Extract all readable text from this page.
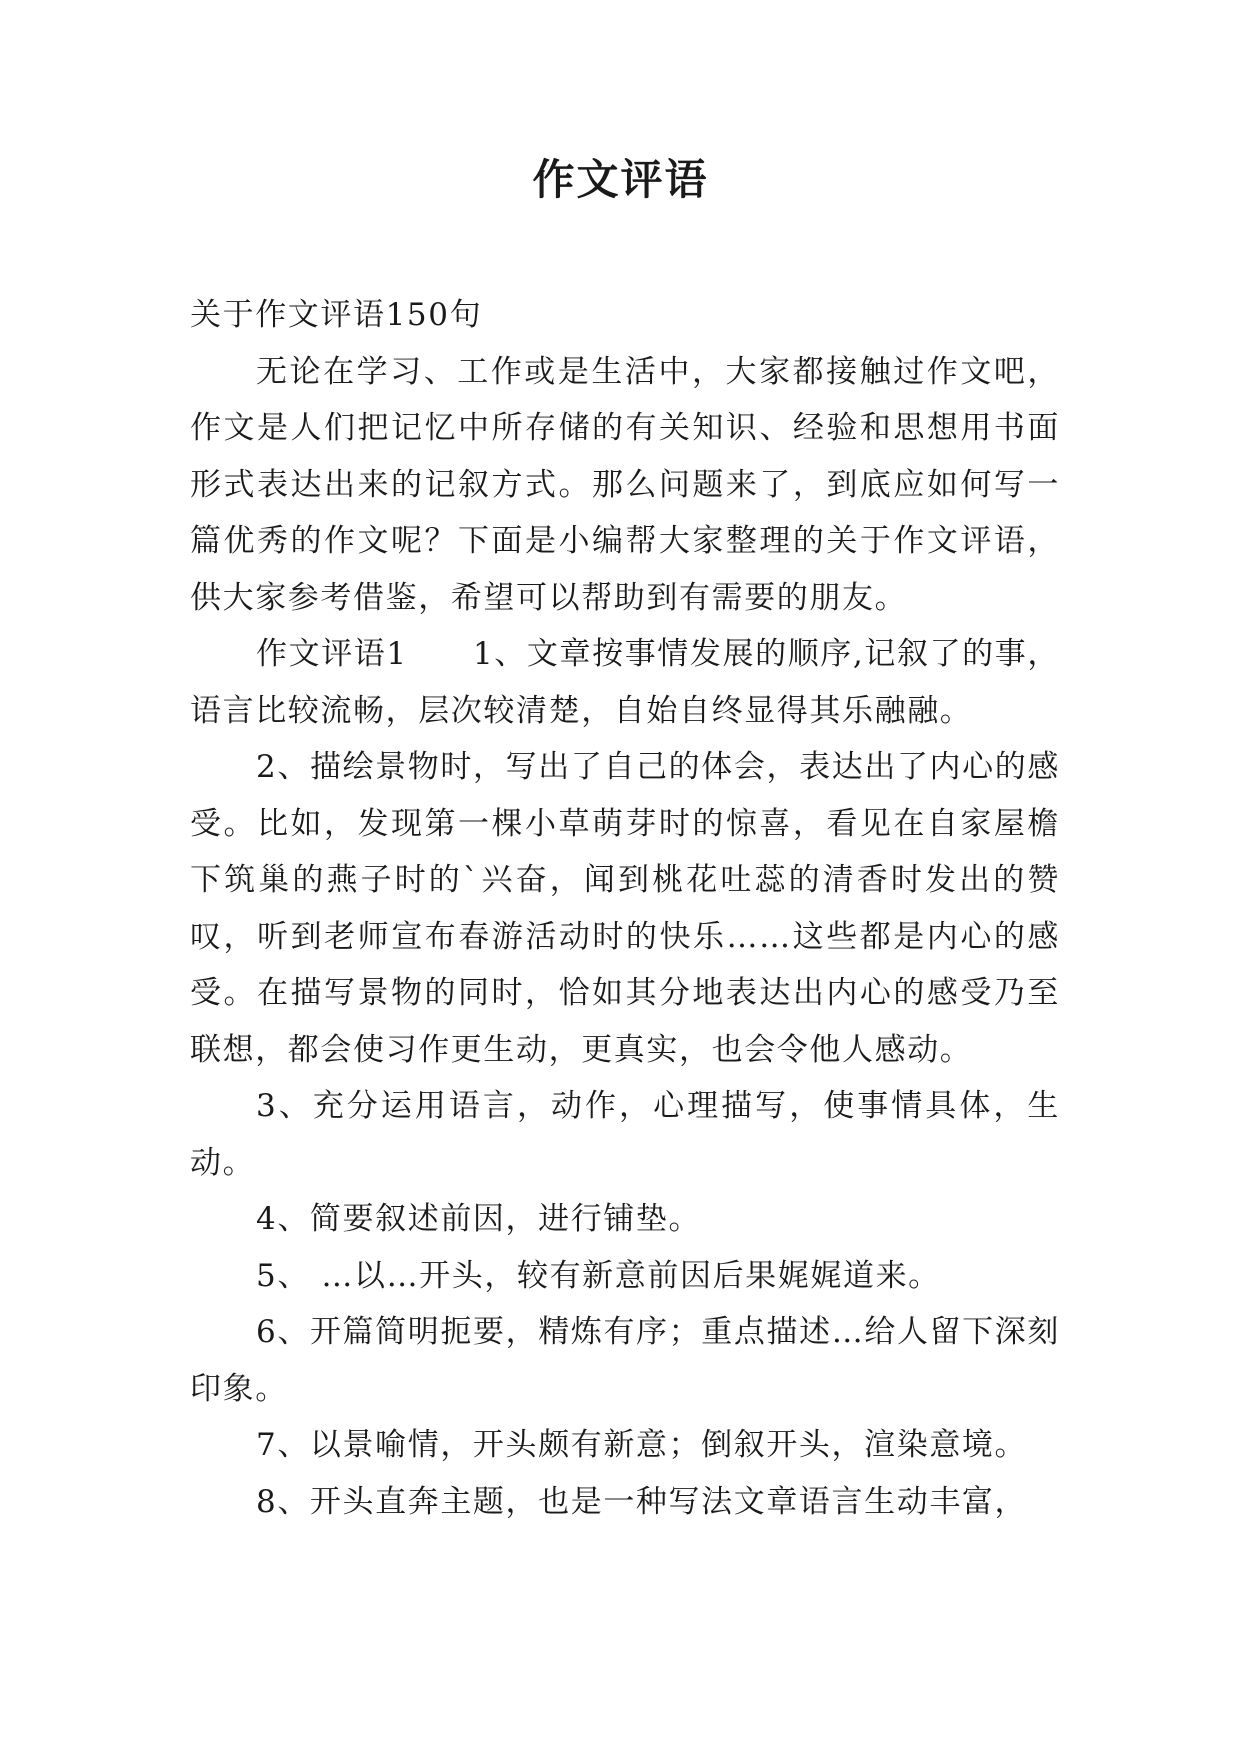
作文评语

关于作文评语150句

无论在学习、工作或是生活中，大家都接触过作文吧，作文是人们把记忆中所存储的有关知识、经验和思想用书面形式表达出来的记叙方式。那么问题来了，到底应如何写一篇优秀的作文呢？下面是小编帮大家整理的关于作文评语，供大家参考借鉴，希望可以帮助到有需要的朋友。

作文评语1　　1、文章按事情发展的顺序,记叙了的事，语言比较流畅，层次较清楚，自始自终显得其乐融融。

2、描绘景物时，写出了自己的体会，表达出了内心的感受。比如，发现第一棵小草萌芽时的惊喜，看见在自家屋檐下筑巢的燕子时的`兴奋，闻到桃花吐蕊的清香时发出的赞叹，听到老师宣布春游活动时的快乐……这些都是内心的感受。在描写景物的同时，恰如其分地表达出内心的感受乃至联想，都会使习作更生动，更真实，也会令他人感动。

3、充分运用语言，动作，心理描写，使事情具体，生动。

4、简要叙述前因，进行铺垫。

5、 …以…开头，较有新意前因后果娓娓道来。

6、开篇简明扼要，精炼有序；重点描述…给人留下深刻印象。

7、以景喻情，开头颇有新意；倒叙开头，渲染意境。

8、开头直奔主题，也是一种写法文章语言生动丰富，
